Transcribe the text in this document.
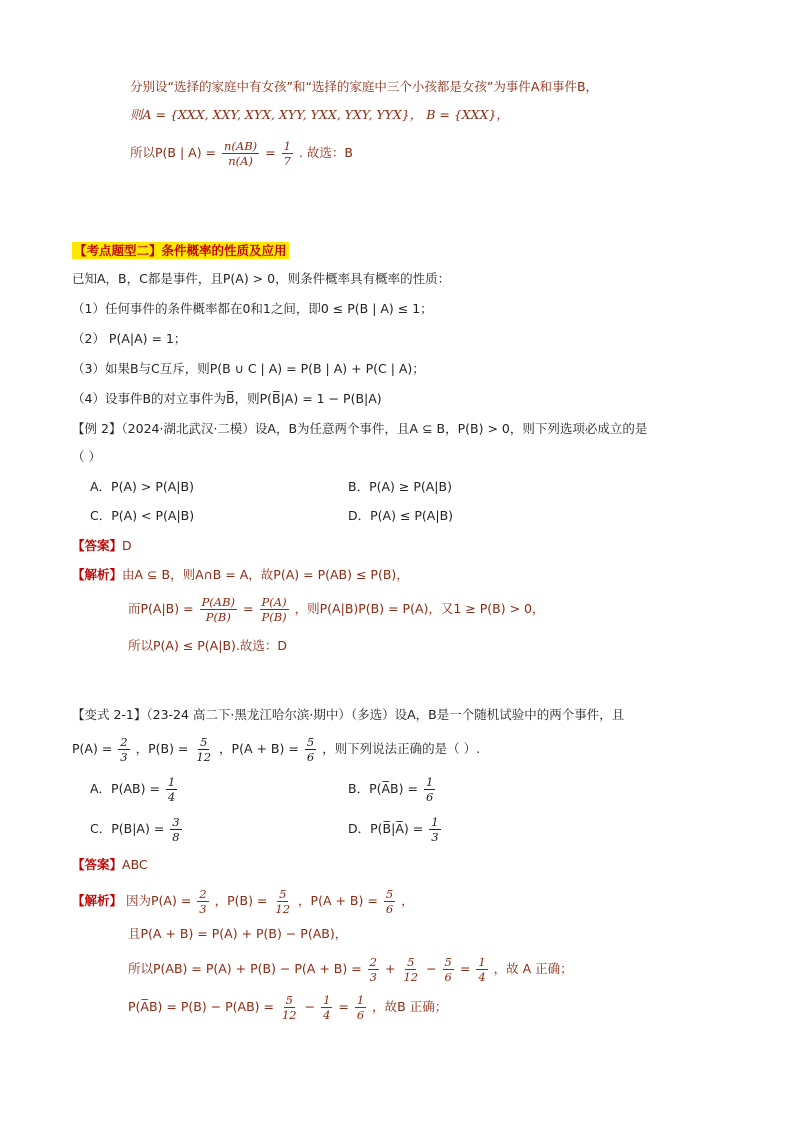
分别设“选择的家庭中有女孩”和“选择的家庭中三个小孩都是女孩”为事件A和事件B，
则A = {XXX, XXY, XYX, XYY, YXX, YXY, YYX}， B = {XXX}，
所以P(B | $A) = \frac{n(AB)}{n(A)} = \frac{1}{7}$ . 故选：B
【考点题型二】条件概率的性质及应用
已知A，B，C都是事件，且P(A) > 0，则条件概率具有概率的性质：
（1）任何事件的条件概率都在0和1之间，即0 ≤ P(B | A) ≤ 1；
（2） P(A|A) = 1；
（3）如果B与C互斥，则P(B ∪ C | A) = P(B | A) + P(C | A)；
（4）设事件B的对立事件为B̅，则P(B̅|A) = 1 − P(B|A)
【例 2】（2024·湖北武汉·二模）设A，B为任意两个事件，且A ⊆ B，P(B) > 0，则下列选项必成立的是
（ ）
A．P(A) > P(A|B)	B．P(A) ≥ P(A|B)
C．P(A) < P(A|B)	D．P(A) ≤ P(A|B)
【答案】D
【解析】由A ⊆ B，则A∩B = A，故P(A) = P(AB) ≤ P(B)，
而$P(A|B) = \frac{P(AB)}{P(B)} = \frac{P(A)}{P(B)}$ ，则P(A|B)P(B) = P(A)，又1 ≥ P(B) > 0，
所以P(A) ≤ P(A|B).故选：D
【变式 2-1】（23-24 高二下·黑龙江哈尔滨·期中）（多选）设A，B是一个随机试验中的两个事件，且
$P(A) = \frac{2}{3}$ ，$P(B) = \frac{5}{12}$ ，$P(A + B) = \frac{5}{6}$ ，则下列说法正确的是（ ）.
A．$P(AB) = \frac{1}{4}$	B．P(A̅B) = $\frac{1}{6}$
C．$P(B|A) = \frac{3}{8}$	D．P(B̅|A̅) = $\frac{1}{3}$
【答案】ABC
【解析】 因为$P(A) = \frac{2}{3}$ ，$P(B) = \frac{5}{12}$ ，$P(A + B) = \frac{5}{6}$ ，
且P(A + B) = P(A) + P(B) − P(AB)，
所以$P(AB) = P(A) + P(B) - P(A + B) = \frac{2}{3} + \frac{5}{12} - \frac{5}{6} = \frac{1}{4}$ ，故 A 正确；
P(A̅B) = $P(B) - P(AB) = \frac{5}{12} - \frac{1}{4} = \frac{1}{6}$ ，故B 正确；
